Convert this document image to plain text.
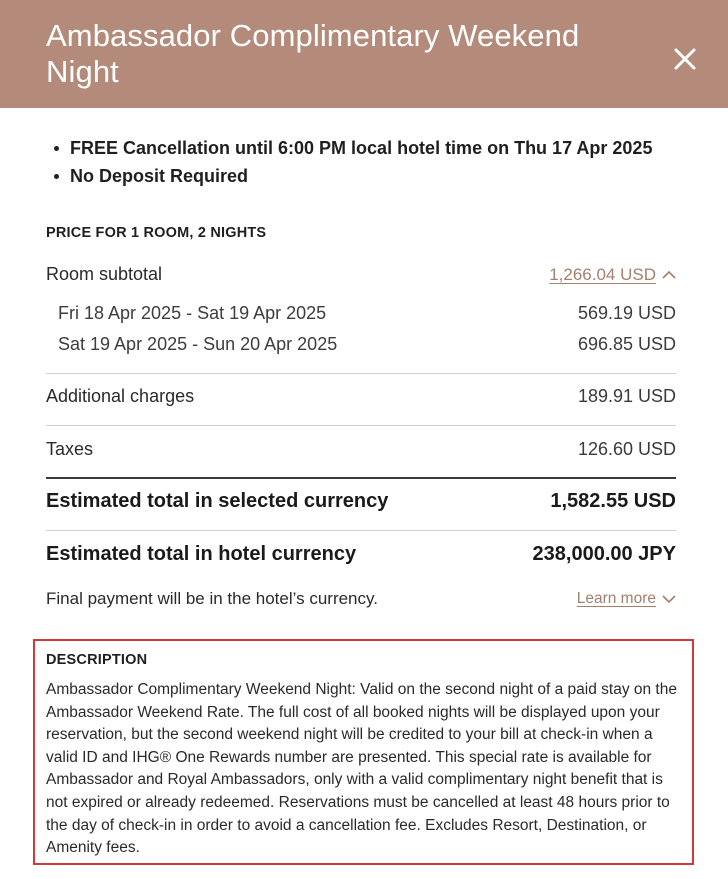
Ambassador Complimentary Weekend Night
FREE Cancellation until 6:00 PM local hotel time on Thu 17 Apr 2025
No Deposit Required
PRICE FOR 1 ROOM, 2 NIGHTS
Room subtotal	1,266.04 USD
Fri 18 Apr 2025 - Sat 19 Apr 2025	569.19 USD
Sat 19 Apr 2025 - Sun 20 Apr 2025	696.85 USD
Additional charges	189.91 USD
Taxes	126.60 USD
Estimated total in selected currency	1,582.55 USD
Estimated total in hotel currency	238,000.00 JPY
Final payment will be in the hotel’s currency.	Learn more
DESCRIPTION
Ambassador Complimentary Weekend Night: Valid on the second night of a paid stay on the Ambassador Weekend Rate. The full cost of all booked nights will be displayed upon your reservation, but the second weekend night will be credited to your bill at check-in when a valid ID and IHG® One Rewards number are presented. This special rate is available for Ambassador and Royal Ambassadors, only with a valid complimentary night benefit that is not expired or already redeemed. Reservations must be cancelled at least 48 hours prior to the day of check-in in order to avoid a cancellation fee. Excludes Resort, Destination, or Amenity fees.
